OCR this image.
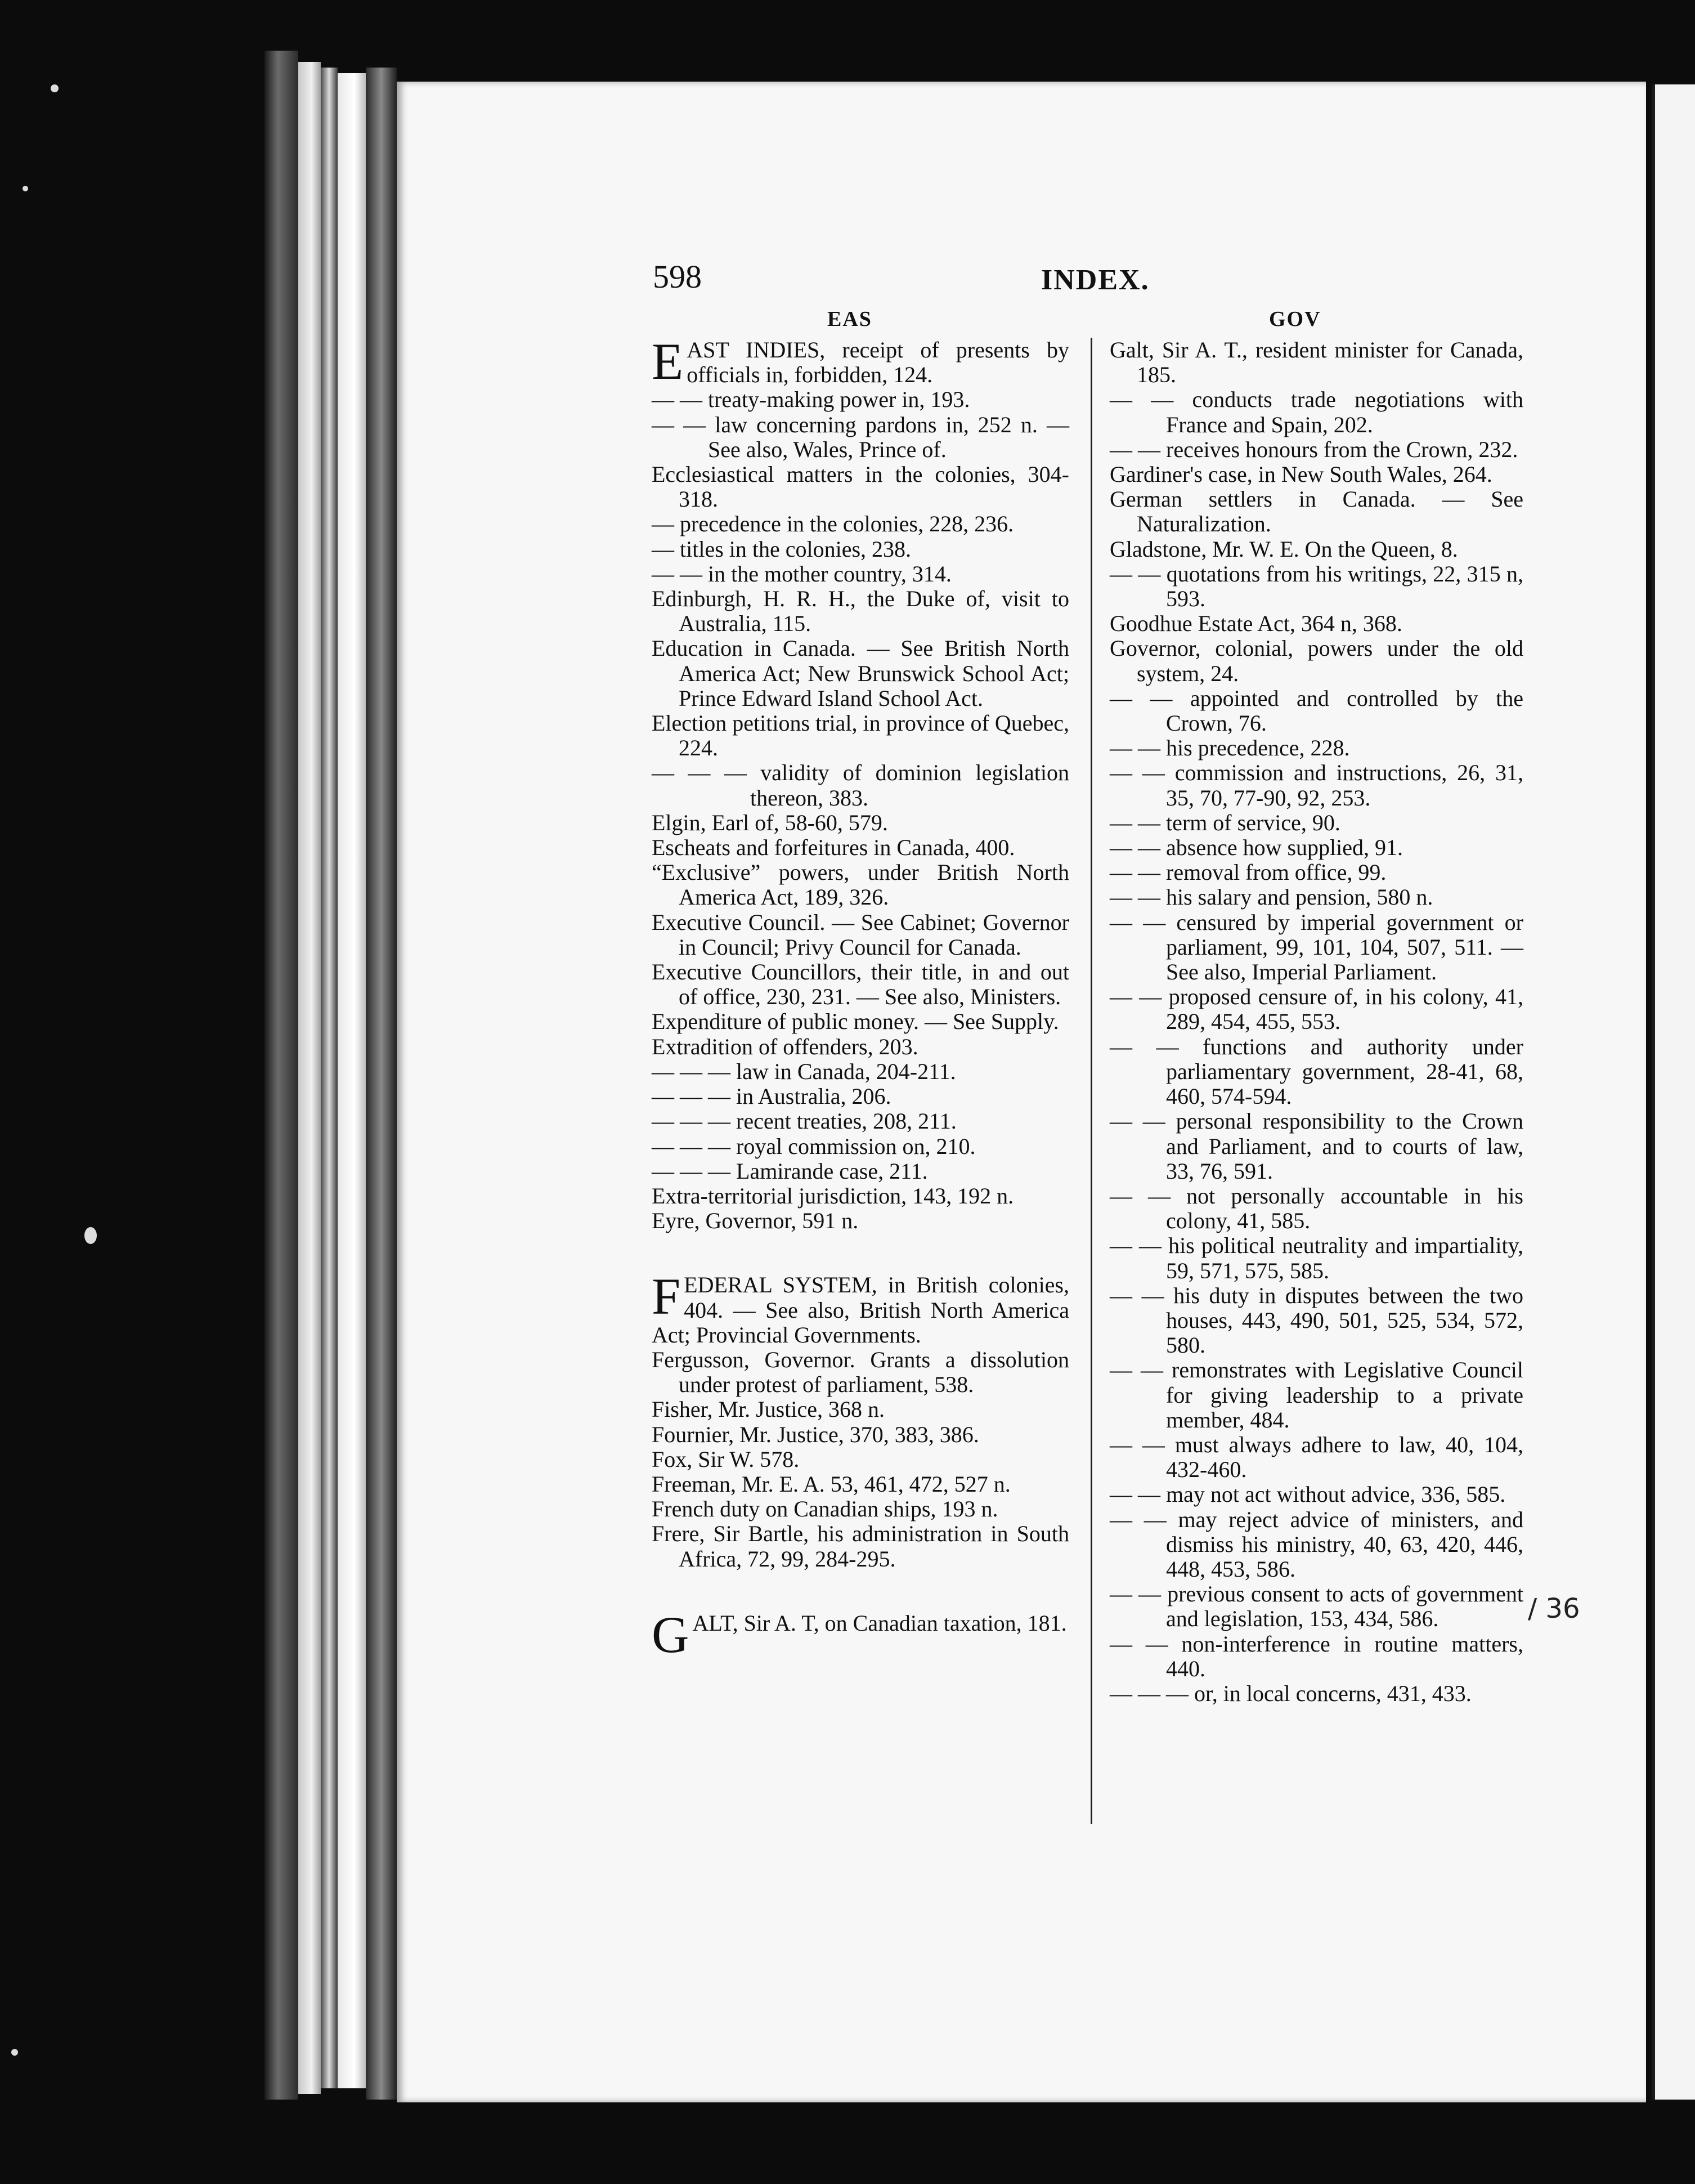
598	INDEX.
EAS	GOV

EAST INDIES, receipt of presents by officials in, forbidden, 124.

— — treaty-making power in, 193.

— — law concerning pardons in, 252 n. — See also, Wales, Prince of.

Ecclesiastical matters in the colonies, 304-318.

— precedence in the colonies, 228, 236.

— titles in the colonies, 238.

— — in the mother country, 314.

Edinburgh, H. R. H., the Duke of, visit to Australia, 115.

Education in Canada. — See British North America Act; New Brunswick School Act; Prince Edward Island School Act.

Election petitions trial, in province of Quebec, 224.

— — — validity of dominion legislation thereon, 383.

Elgin, Earl of, 58-60, 579.

Escheats and forfeitures in Canada, 400.

“Exclusive” powers, under British North America Act, 189, 326.

Executive Council. — See Cabinet; Governor in Council; Privy Council for Canada.

Executive Councillors, their title, in and out of office, 230, 231. — See also, Ministers.

Expenditure of public money. — See Supply.

Extradition of offenders, 203.

— — — law in Canada, 204-211.

— — — in Australia, 206.

— — — recent treaties, 208, 211.

— — — royal commission on, 210.

— — — Lamirande case, 211.

Extra-territorial jurisdiction, 143, 192 n.

Eyre, Governor, 591 n.

FEDERAL SYSTEM, in British colonies, 404. — See also, British North America Act; Provincial Governments.

Fergusson, Governor. Grants a dissolution under protest of parliament, 538.

Fisher, Mr. Justice, 368 n.

Fournier, Mr. Justice, 370, 383, 386.

Fox, Sir W. 578.

Freeman, Mr. E. A. 53, 461, 472, 527 n.

French duty on Canadian ships, 193 n.

Frere, Sir Bartle, his administration in South Africa, 72, 99, 284-295.

GALT, Sir A. T, on Canadian taxation, 181.

Galt, Sir A. T., resident minister for Canada, 185.

— — conducts trade negotiations with France and Spain, 202.

— — receives honours from the Crown, 232.

Gardiner's case, in New South Wales, 264.

German settlers in Canada. — See Naturalization.

Gladstone, Mr. W. E. On the Queen, 8.

— — quotations from his writings, 22, 315 n, 593.

Goodhue Estate Act, 364 n, 368.

Governor, colonial, powers under the old system, 24.

— — appointed and controlled by the Crown, 76.

— — his precedence, 228.

— — commission and instructions, 26, 31, 35, 70, 77-90, 92, 253.

— — term of service, 90.

— — absence how supplied, 91.

— — removal from office, 99.

— — his salary and pension, 580 n.

— — censured by imperial government or parliament, 99, 101, 104, 507, 511. — See also, Imperial Parliament.

— — proposed censure of, in his colony, 41, 289, 454, 455, 553.

— — functions and authority under parliamentary government, 28-41, 68, 460, 574-594.

— — personal responsibility to the Crown and Parliament, and to courts of law, 33, 76, 591.

— — not personally accountable in his colony, 41, 585.

— — his political neutrality and impartiality, 59, 571, 575, 585.

— — his duty in disputes between the two houses, 443, 490, 501, 525, 534, 572, 580.

— — remonstrates with Legislative Council for giving leadership to a private member, 484.

— — must always adhere to law, 40, 104, 432-460.

— — may not act without advice, 336, 585.

— — may reject advice of ministers, and dismiss his ministry, 40, 63, 420, 446, 448, 453, 586.

— — previous consent to acts of government and legislation, 153, 434, 586.

— — non-interference in routine matters, 440.

— — — or, in local concerns, 431, 433.

/ 36
